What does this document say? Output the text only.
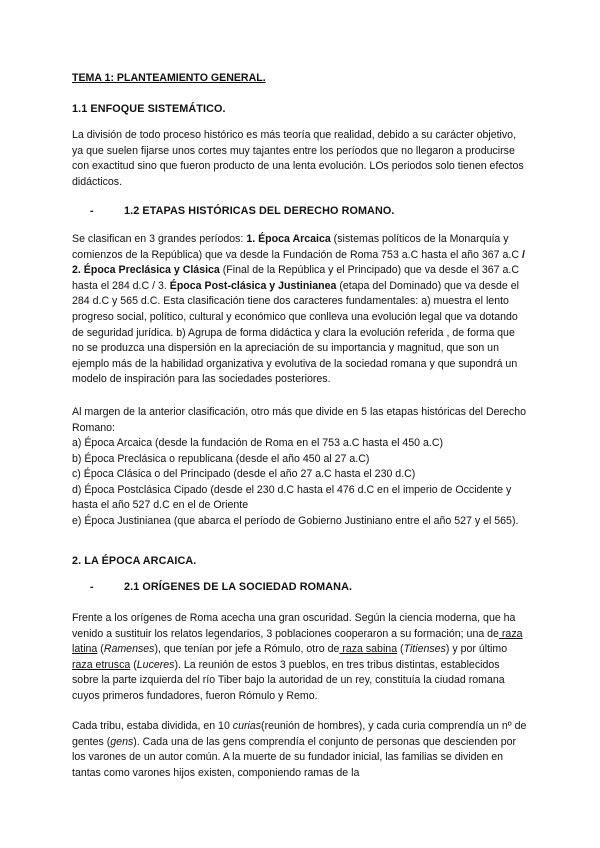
TEMA 1: PLANTEAMIENTO GENERAL.

1.1 ENFOQUE SISTEMÁTICO.

La división de todo proceso histórico es más teoría que realidad, debido a su carácter objetivo, ya que suelen fijarse unos cortes muy tajantes entre los períodos que no llegaron a producirse con exactitud sino que fueron producto de una lenta evolución. LOs periodos solo tienen efectos didácticos.

-	1.2 ETAPAS HISTÓRICAS DEL DERECHO ROMANO.

Se clasifican en 3 grandes períodos: 1. Época Arcaica (sistemas políticos de la Monarquía y comienzos de la República) que va desde la Fundación de Roma 753 a.C hasta el año 367 a.C / 2. Época Preclásica y Clásica (Final de la República y el Principado) que va desde el 367 a.C hasta el 284 d.C / 3. Época Post-clásica y Justinianea (etapa del Dominado) que va desde el 284 d.C y 565 d.C. Esta clasificación tiene dos caracteres fundamentales: a) muestra el lento progreso social, político, cultural y económico que conlleva una evolución legal que va dotando de seguridad jurídica. b) Agrupa de forma didáctica y clara la evolución referida , de forma que no se produzca una dispersión en la apreciación de su importancia y magnitud, que son un ejemplo más de la habilidad organizativa y evolutiva de la sociedad romana y que supondrá un modelo de inspiración para las sociedades posteriores.

Al margen de la anterior clasificación, otro más que divide en 5 las etapas históricas del Derecho Romano:

a) Época Arcaica (desde la fundación de Roma en el 753 a.C hasta el 450 a.C)

b) Época Preclásica o republicana (desde el año 450 al 27 a.C)

c) Época Clásica o del Principado (desde el año 27 a.C hasta el 230 d.C)

d) Época Postclásica Cipado (desde el 230 d.C hasta el 476 d.C en el imperio de Occidente y hasta el año 527 d.C en el de Oriente

e) Época Justinianea (que abarca el período de Gobierno Justiniano entre el año 527 y el 565).

2. LA ÉPOCA ARCAICA.

-	2.1 ORÍGENES DE LA SOCIEDAD ROMANA.

Frente a los orígenes de Roma acecha una gran oscuridad. Según la ciencia moderna, que ha venido a sustituir los relatos legendarios, 3 poblaciones cooperaron a su formación; una de raza latina (Ramenses), que tenían por jefe a Rómulo, otro de raza sabina (Titienses) y por último raza etrusca (Luceres). La reunión de estos 3 pueblos, en tres tribus distintas, establecidos sobre la parte izquierda del río Tiber bajo la autoridad de un rey, constituía la ciudad romana cuyos primeros fundadores, fueron Rómulo y Remo.

Cada tribu, estaba dividida, en 10 curias(reunión de hombres), y cada curia comprendía un nº de gentes (gens). Cada una de las gens comprendía el conjunto de personas que descienden por los varones de un autor común. A la muerte de su fundador inicial, las familias se dividen en tantas como varones hijos existen, componiendo ramas de la
